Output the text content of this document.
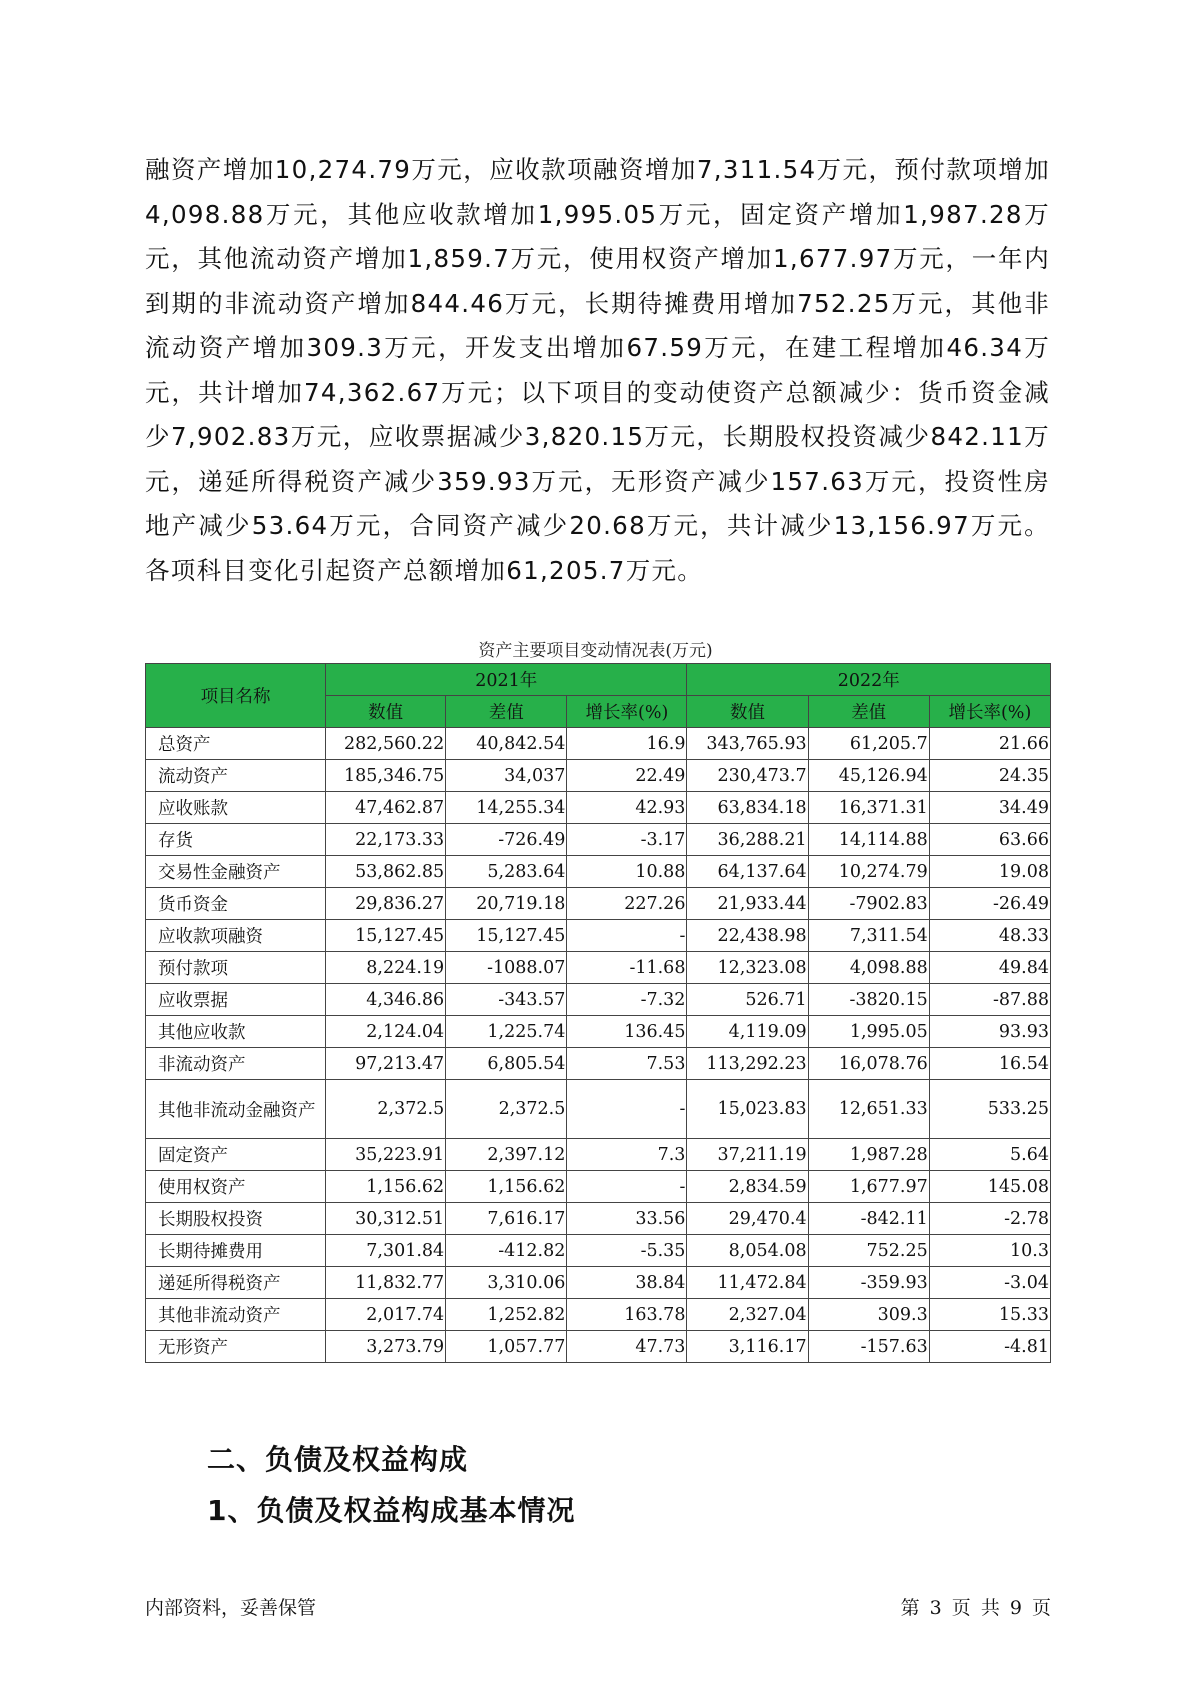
融资产增加10,274.79万元，应收款项融资增加7,311.54万元，预付款项增加4,098.88万元，其他应收款增加1,995.05万元，固定资产增加1,987.28万元，其他流动资产增加1,859.7万元，使用权资产增加1,677.97万元，一年内到期的非流动资产增加844.46万元，长期待摊费用增加752.25万元，其他非流动资产增加309.3万元，开发支出增加67.59万元，在建工程增加46.34万元，共计增加74,362.67万元；以下项目的变动使资产总额减少：货币资金减少7,902.83万元，应收票据减少3,820.15万元，长期股权投资减少842.11万元，递延所得税资产减少359.93万元，无形资产减少157.63万元，投资性房地产减少53.64万元，合同资产减少20.68万元，共计减少13,156.97万元。各项科目变化引起资产总额增加61,205.7万元。

资产主要项目变动情况表(万元)
项目名称	2021年			2022年		
	数值	差值	增长率(%)	数值	差值	增长率(%)
总资产	282,560.22	40,842.54	16.9	343,765.93	61,205.7	21.66
流动资产	185,346.75	34,037	22.49	230,473.7	45,126.94	24.35
应收账款	47,462.87	14,255.34	42.93	63,834.18	16,371.31	34.49
存货	22,173.33	-726.49	-3.17	36,288.21	14,114.88	63.66
交易性金融资产	53,862.85	5,283.64	10.88	64,137.64	10,274.79	19.08
货币资金	29,836.27	20,719.18	227.26	21,933.44	-7902.83	-26.49
应收款项融资	15,127.45	15,127.45	-	22,438.98	7,311.54	48.33
预付款项	8,224.19	-1088.07	-11.68	12,323.08	4,098.88	49.84
应收票据	4,346.86	-343.57	-7.32	526.71	-3820.15	-87.88
其他应收款	2,124.04	1,225.74	136.45	4,119.09	1,995.05	93.93
非流动资产	97,213.47	6,805.54	7.53	113,292.23	16,078.76	16.54
其他非流动金融资产	2,372.5	2,372.5	-	15,023.83	12,651.33	533.25
固定资产	35,223.91	2,397.12	7.3	37,211.19	1,987.28	5.64
使用权资产	1,156.62	1,156.62	-	2,834.59	1,677.97	145.08
长期股权投资	30,312.51	7,616.17	33.56	29,470.4	-842.11	-2.78
长期待摊费用	7,301.84	-412.82	-5.35	8,054.08	752.25	10.3
递延所得税资产	11,832.77	3,310.06	38.84	11,472.84	-359.93	-3.04
其他非流动资产	2,017.74	1,252.82	163.78	2,327.04	309.3	15.33
无形资产	3,273.79	1,057.77	47.73	3,116.17	-157.63	-4.81
二、负债及权益构成
1、负债及权益构成基本情况
内部资料，妥善保管	第 3 页 共 9 页
